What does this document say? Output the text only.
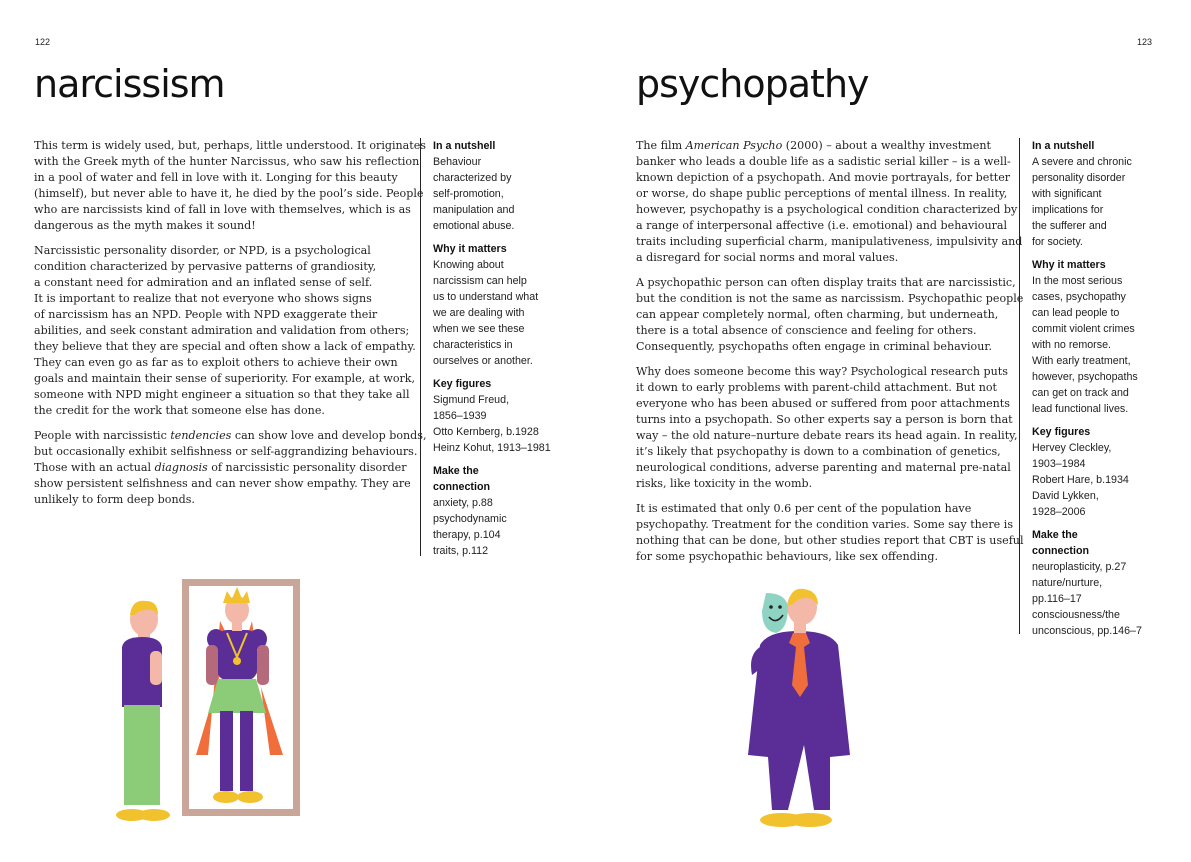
122
narcissism

This term is widely used, but, perhaps, little understood. It originates
with the Greek myth of the hunter Narcissus, who saw his reflection
in a pool of water and fell in love with it. Longing for this beauty
(himself), but never able to have it, he died by the pool’s side. People
who are narcissists kind of fall in love with themselves, which is as
dangerous as the myth makes it sound!

Narcissistic personality disorder, or NPD, is a psychological
condition characterized by pervasive patterns of grandiosity,
a constant need for admiration and an inflated sense of self.
It is important to realize that not everyone who shows signs
of narcissism has an NPD. People with NPD exaggerate their
abilities, and seek constant admiration and validation from others;
they believe that they are special and often show a lack of empathy.
They can even go as far as to exploit others to achieve their own
goals and maintain their sense of superiority. For example, at work,
someone with NPD might engineer a situation so that they take all
the credit for the work that someone else has done.

People with narcissistic tendencies can show love and develop bonds,
but occasionally exhibit selfishness or self-aggrandizing behaviours.
Those with an actual diagnosis of narcissistic personality disorder
show persistent selfishness and can never show empathy. They are
unlikely to form deep bonds.

In a nutshell
Behaviour
characterized by
self-promotion,
manipulation and
emotional abuse.
Why it matters
Knowing about
narcissism can help
us to understand what
we are dealing with
when we see these
characteristics in
ourselves or another.
Key figures
Sigmund Freud,
1856–1939
Otto Kernberg, b.1928
Heinz Kohut, 1913–1981
Make the
connection
anxiety, p.88
psychodynamic
therapy, p.104
traits, p.112
123
psychopathy

The film American Psycho (2000) – about a wealthy investment
banker who leads a double life as a sadistic serial killer – is a well-
known depiction of a psychopath. And movie portrayals, for better
or worse, do shape public perceptions of mental illness. In reality,
however, psychopathy is a psychological condition characterized by
a range of interpersonal affective (i.e. emotional) and behavioural
traits including superficial charm, manipulativeness, impulsivity and
a disregard for social norms and moral values.

A psychopathic person can often display traits that are narcissistic,
but the condition is not the same as narcissism. Psychopathic people
can appear completely normal, often charming, but underneath,
there is a total absence of conscience and feeling for others.
Consequently, psychopaths often engage in criminal behaviour.

Why does someone become this way? Psychological research puts
it down to early problems with parent-child attachment. But not
everyone who has been abused or suffered from poor attachments
turns into a psychopath. So other experts say a person is born that
way – the old nature–nurture debate rears its head again. In reality,
it’s likely that psychopathy is down to a combination of genetics,
neurological conditions, adverse parenting and maternal pre-natal
risks, like toxicity in the womb.

It is estimated that only 0.6 per cent of the population have
psychopathy. Treatment for the condition varies. Some say there is
nothing that can be done, but other studies report that CBT is useful
for some psychopathic behaviours, like sex offending.

In a nutshell
A severe and chronic
personality disorder
with significant
implications for
the sufferer and
for society.
Why it matters
In the most serious
cases, psychopathy
can lead people to
commit violent crimes
with no remorse.
With early treatment,
however, psychopaths
can get on track and
lead functional lives.
Key figures
Hervey Cleckley,
1903–1984
Robert Hare, b.1934
David Lykken,
1928–2006
Make the
connection
neuroplasticity, p.27
nature/nurture,
pp.116–17
consciousness/the
unconscious, pp.146–7
